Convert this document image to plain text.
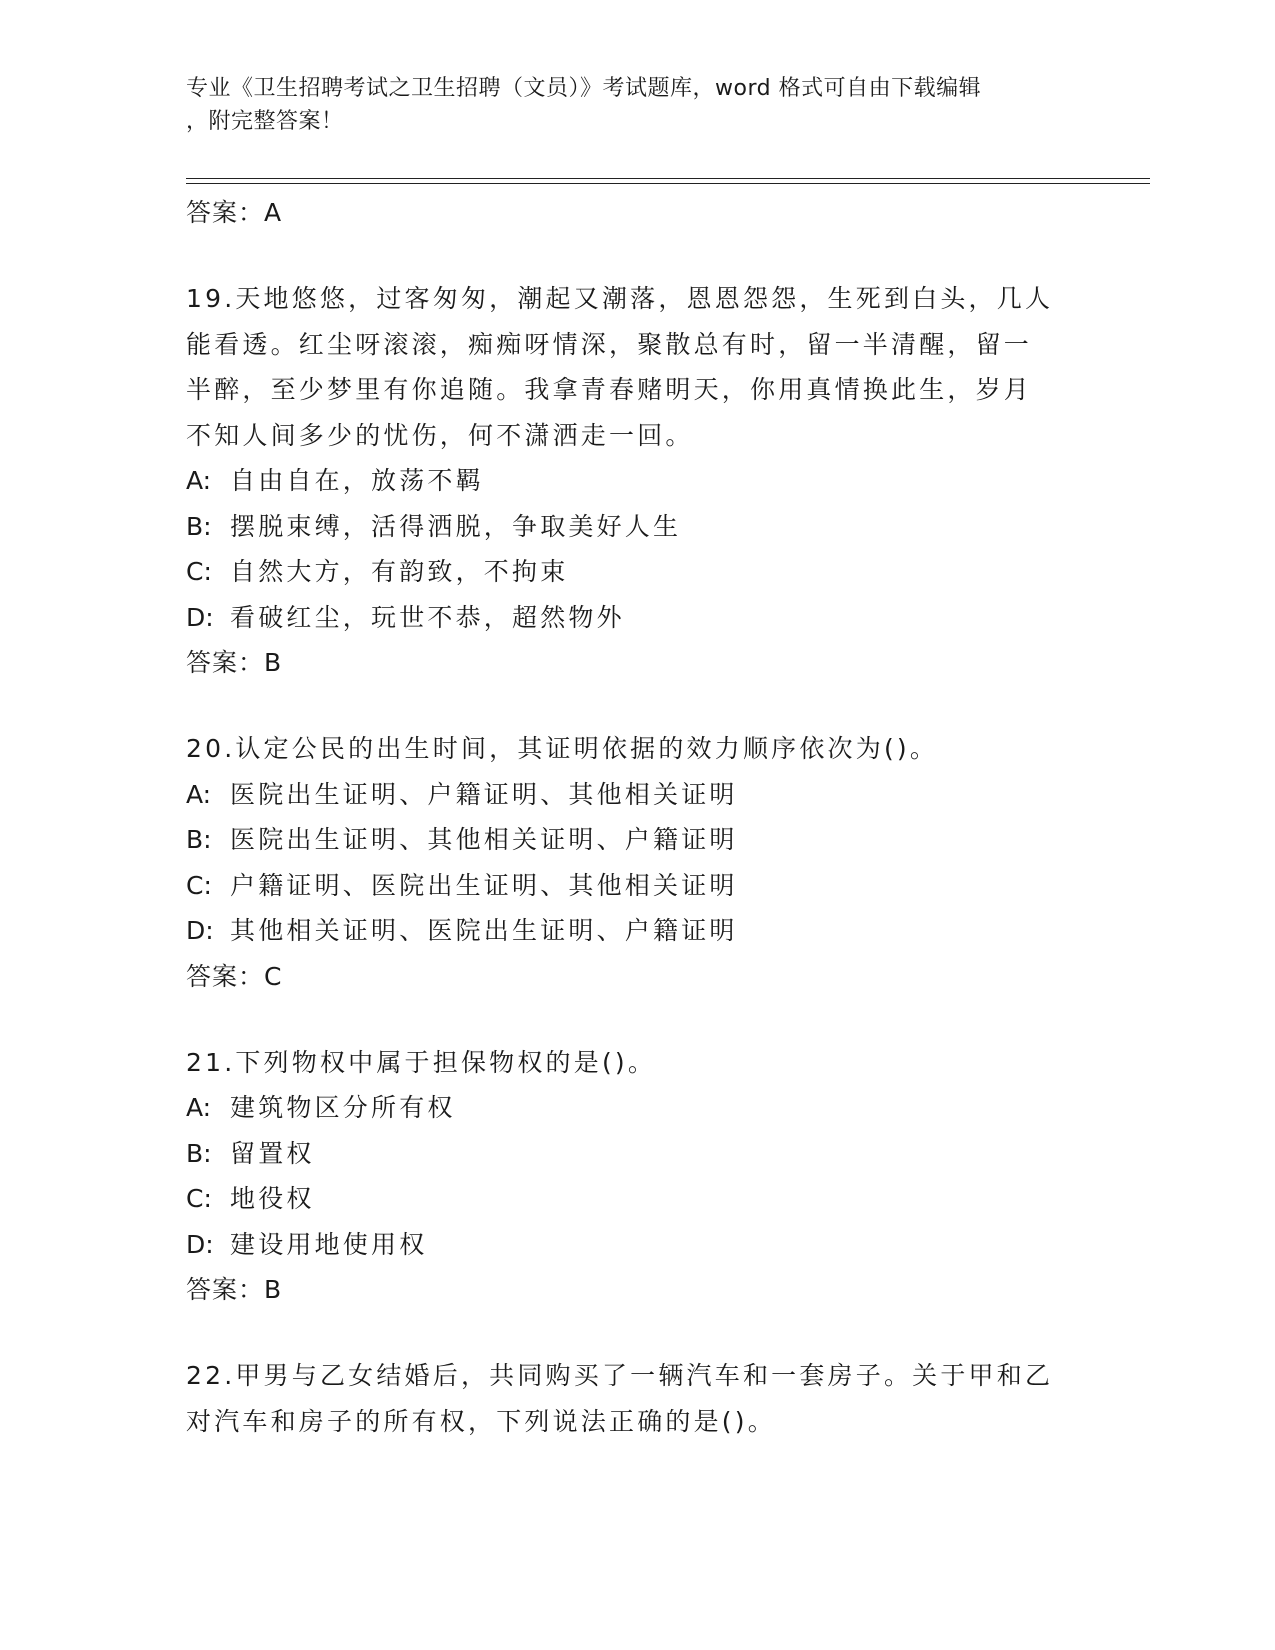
专业《卫生招聘考试之卫生招聘（文员）》考试题库，word 格式可自由下载编辑
，附完整答案！
答案：A
19.天地悠悠，过客匆匆，潮起又潮落，恩恩怨怨，生死到白头，几人
能看透。红尘呀滚滚，痴痴呀情深，聚散总有时，留一半清醒，留一
半醉，至少梦里有你追随。我拿青春赌明天，你用真情换此生，岁月
不知人间多少的忧伤，何不潇洒走一回。
A: 自由自在，放荡不羁
B: 摆脱束缚，活得洒脱，争取美好人生
C: 自然大方，有韵致，不拘束
D: 看破红尘，玩世不恭，超然物外
答案：B
20.认定公民的出生时间，其证明依据的效力顺序依次为()。
A: 医院出生证明、户籍证明、其他相关证明
B: 医院出生证明、其他相关证明、户籍证明
C: 户籍证明、医院出生证明、其他相关证明
D: 其他相关证明、医院出生证明、户籍证明
答案：C
21.下列物权中属于担保物权的是()。
A: 建筑物区分所有权
B: 留置权
C: 地役权
D: 建设用地使用权
答案：B
22.甲男与乙女结婚后，共同购买了一辆汽车和一套房子。关于甲和乙
对汽车和房子的所有权，下列说法正确的是()。
